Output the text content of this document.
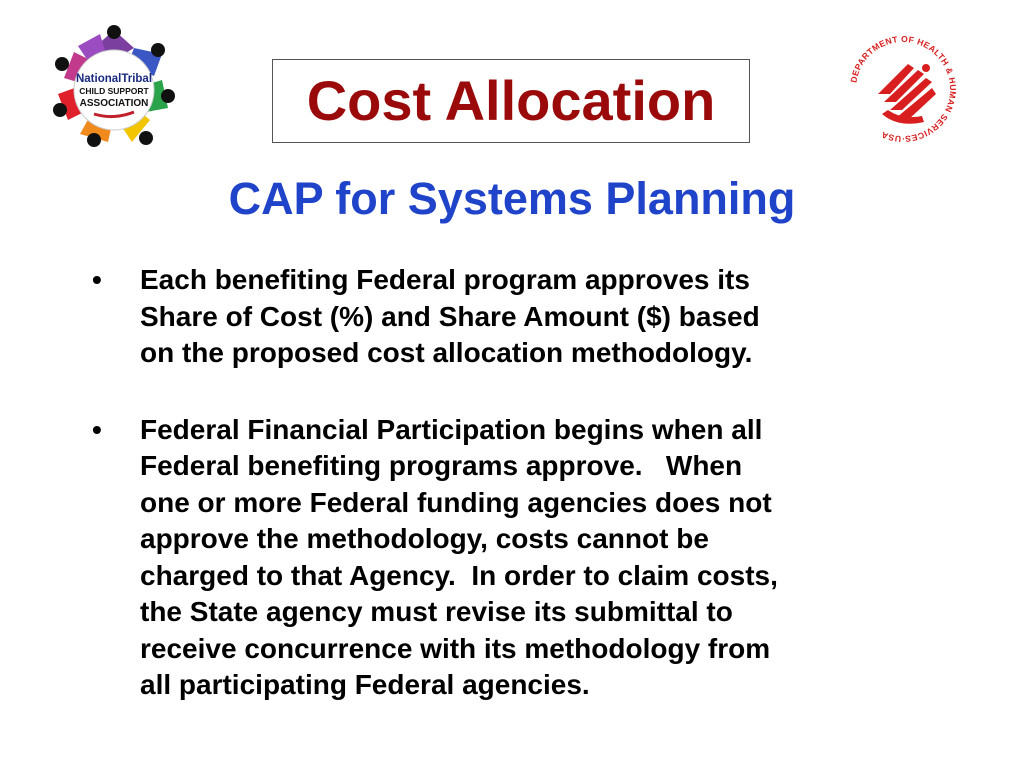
NationalTribal
CHILD SUPPORT
ASSOCIATION	Cost Allocation	DEPARTMENT OF HEALTH & HUMAN SERVICES·USA
CAP for Systems Planning
• Each benefiting Federal program approves its
Share of Cost (%) and Share Amount ($) based
on the proposed cost allocation methodology.
• Federal Financial Participation begins when all
Federal benefiting programs approve.   When
one or more Federal funding agencies does not
approve the methodology, costs cannot be
charged to that Agency.  In order to claim costs,
the State agency must revise its submittal to
receive concurrence with its methodology from
all participating Federal agencies.
